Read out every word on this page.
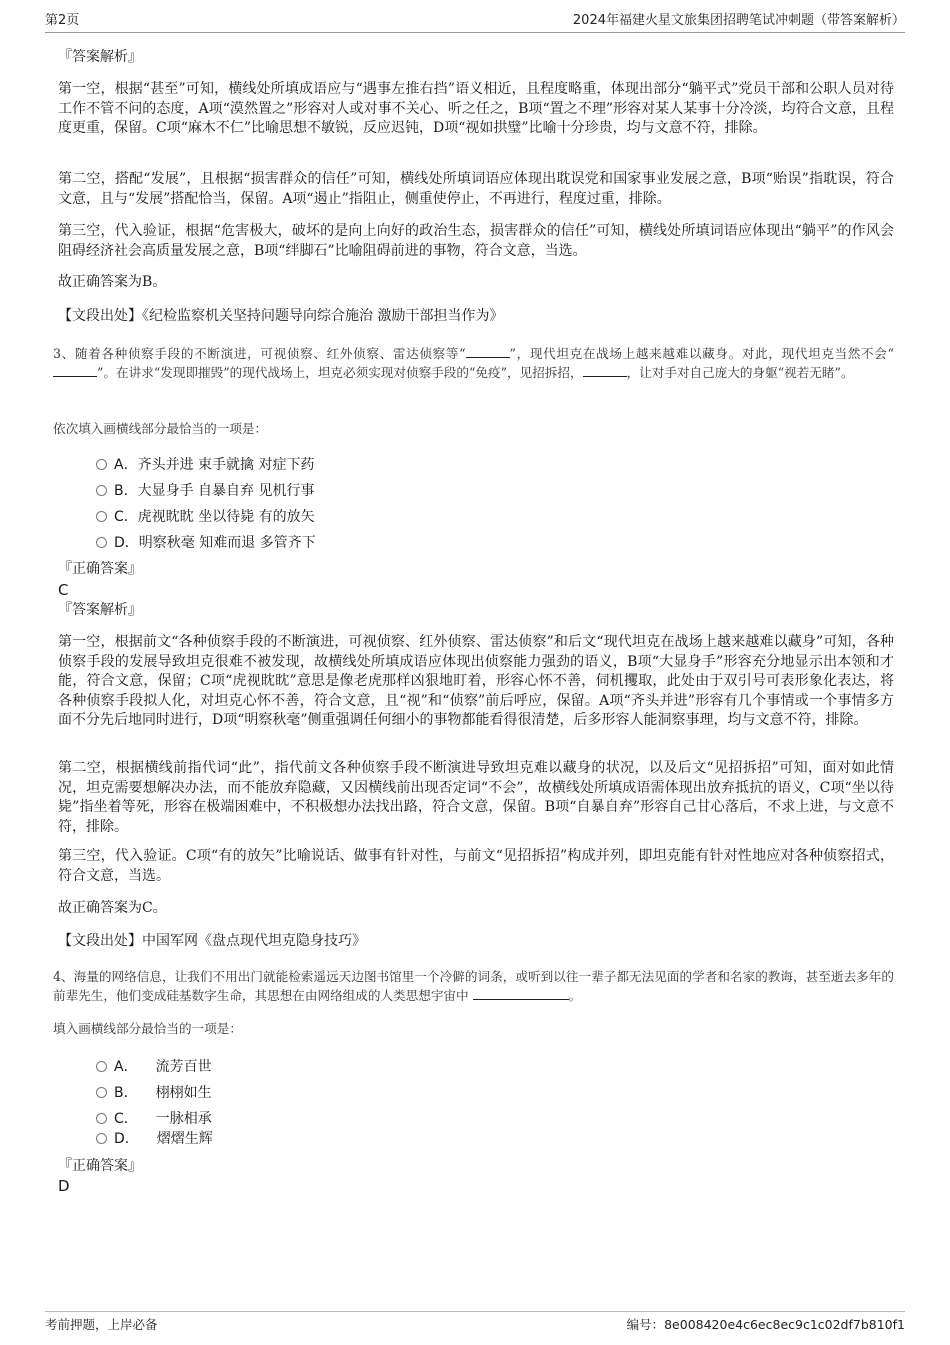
第2页	2024年福建火星文旅集团招聘笔试冲刺题（带答案解析）
『答案解析』
第一空，根据“甚至”可知，横线处所填成语应与“遇事左推右挡”语义相近，且程度略重，体现出部分“躺平式”党员干部和公职人员对待工作不管不问的态度，A项“漠然置之”形容对人或对事不关心、听之任之，B项“置之不理”形容对某人某事十分冷淡，均符合文意，且程度更重，保留。C项“麻木不仁”比喻思想不敏锐，反应迟钝，D项“视如拱璧”比喻十分珍贵，均与文意不符，排除。
第二空，搭配“发展”，且根据“损害群众的信任”可知，横线处所填词语应体现出耽误党和国家事业发展之意，B项“贻误”指耽误，符合文意，且与“发展”搭配恰当，保留。A项“遏止”指阻止，侧重使停止，不再进行，程度过重，排除。
第三空，代入验证，根据“危害极大，破坏的是向上向好的政治生态，损害群众的信任”可知，横线处所填词语应体现出“躺平”的作风会阻碍经济社会高质量发展之意，B项“绊脚石”比喻阻碍前进的事物，符合文意，当选。
故正确答案为B。
【文段出处】《纪检监察机关坚持问题导向综合施治 激励干部担当作为》
3、随着各种侦察手段的不断演进，可视侦察、红外侦察、雷达侦察等“	”，现代坦克在战场上越来越难以藏身。对此，现代坦克当然不会“”。在讲求“发现即摧毁”的现代战场上，坦克必须实现对侦察手段的“免疫”，见招拆招，	，让对手对自己庞大的身躯“视若无睹”。
依次填入画横线部分最恰当的一项是：
A．齐头并进 束手就擒 对症下药
B．大显身手 自暴自弃 见机行事
C．虎视眈眈 坐以待毙 有的放矢
D．明察秋毫 知难而退 多管齐下
『正确答案』
C
『答案解析』
第一空，根据前文“各种侦察手段的不断演进，可视侦察、红外侦察、雷达侦察”和后文“现代坦克在战场上越来越难以藏身”可知，各种侦察手段的发展导致坦克很难不被发现，故横线处所填成语应体现出侦察能力强劲的语义，B项“大显身手”形容充分地显示出本领和才能，符合文意，保留；C项“虎视眈眈”意思是像老虎那样凶狠地盯着，形容心怀不善，伺机攫取，此处由于双引号可表形象化表达，将各种侦察手段拟人化，对坦克心怀不善，符合文意，且“视”和“侦察”前后呼应，保留。A项“齐头并进”形容有几个事情或一个事情多方面不分先后地同时进行，D项“明察秋毫”侧重强调任何细小的事物都能看得很清楚，后多形容人能洞察事理，均与文意不符，排除。
第二空，根据横线前指代词“此”，指代前文各种侦察手段不断演进导致坦克难以藏身的状况，以及后文“见招拆招”可知，面对如此情况，坦克需要想解决办法，而不能放弃隐藏，又因横线前出现否定词“不会”，故横线处所填成语需体现出放弃抵抗的语义，C项“坐以待毙”指坐着等死，形容在极端困难中，不积极想办法找出路，符合文意，保留。B项“自暴自弃”形容自己甘心落后，不求上进，与文意不符，排除。
第三空，代入验证。C项“有的放矢”比喻说话、做事有针对性，与前文“见招拆招”构成并列，即坦克能有针对性地应对各种侦察招式，符合文意，当选。
故正确答案为C。
【文段出处】中国军网《盘点现代坦克隐身技巧》
4、海量的网络信息，让我们不用出门就能检索遥远天边图书馆里一个冷僻的词条，或听到以往一辈子都无法见面的学者和名家的教诲，甚至逝去多年的前辈先生，他们变成硅基数字生命，其思想在由网络组成的人类思想宇宙中	。
填入画横线部分最恰当的一项是：
A． 流芳百世
B． 栩栩如生
C． 一脉相承
D． 熠熠生辉
『正确答案』
D
考前押题，上岸必备	编号：8e008420e4c6ec8ec9c1c02df7b810f1
